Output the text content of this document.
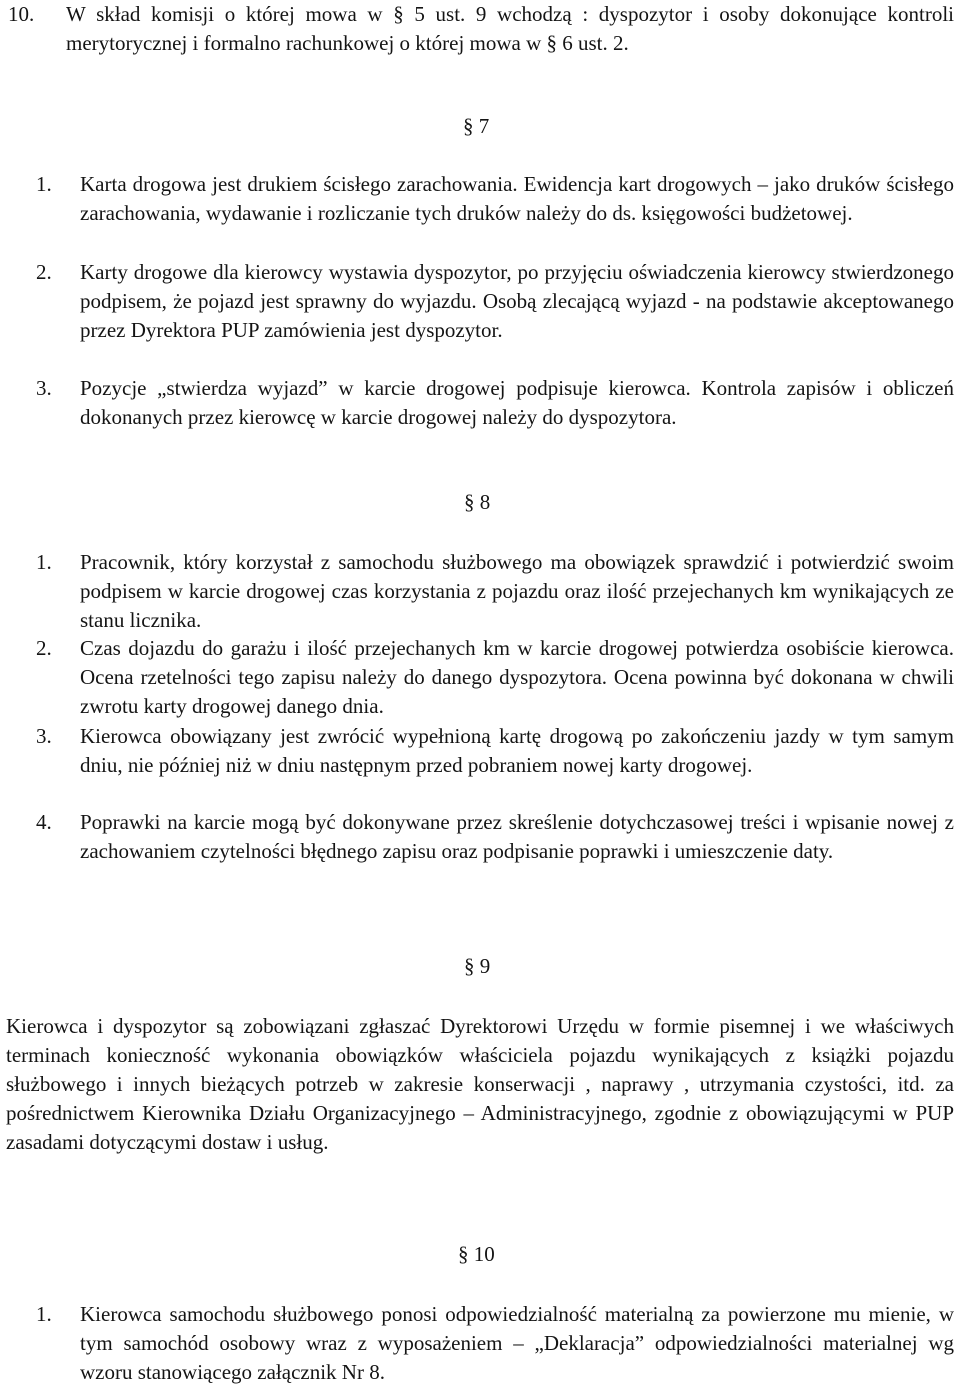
10. W skład komisji o której mowa w § 5 ust. 9 wchodzą : dyspozytor i osoby dokonujące kontroli merytorycznej i formalno rachunkowej o której mowa w § 6 ust. 2.
§ 7
1. Karta drogowa jest drukiem ścisłego zarachowania. Ewidencja kart drogowych – jako druków ścisłego zarachowania, wydawanie i rozliczanie tych druków należy do ds. księgowości budżetowej.
2. Karty drogowe dla kierowcy wystawia dyspozytor, po przyjęciu oświadczenia kierowcy stwierdzonego podpisem, że pojazd jest sprawny do wyjazdu. Osobą zlecającą wyjazd - na podstawie akceptowanego przez Dyrektora PUP zamówienia jest dyspozytor.
3. Pozycje „stwierdza wyjazd” w karcie drogowej podpisuje kierowca. Kontrola zapisów i obliczeń dokonanych przez kierowcę w karcie drogowej należy do dyspozytora.
§ 8
1. Pracownik, który korzystał z samochodu służbowego ma obowiązek sprawdzić i potwierdzić swoim podpisem w karcie drogowej czas korzystania z pojazdu oraz ilość przejechanych km wynikających ze stanu licznika.
2. Czas dojazdu do garażu i ilość przejechanych km w karcie drogowej potwierdza osobiście kierowca. Ocena rzetelności tego zapisu należy do danego dyspozytora. Ocena powinna być dokonana w chwili zwrotu karty drogowej danego dnia.
3. Kierowca obowiązany jest zwrócić wypełnioną kartę drogową po zakończeniu jazdy w tym samym dniu, nie później niż w dniu następnym przed pobraniem nowej karty drogowej.
4. Poprawki na karcie mogą być dokonywane przez skreślenie dotychczasowej treści i wpisanie nowej z zachowaniem czytelności błędnego zapisu oraz podpisanie poprawki i umieszczenie daty.
§ 9
Kierowca i dyspozytor są zobowiązani zgłaszać Dyrektorowi Urzędu w formie pisemnej i we właściwych terminach konieczność wykonania obowiązków właściciela pojazdu wynikających z książki pojazdu służbowego i innych bieżących potrzeb w zakresie konserwacji , naprawy , utrzymania czystości, itd. za pośrednictwem Kierownika Działu Organizacyjnego – Administracyjnego, zgodnie z obowiązującymi w PUP zasadami dotyczącymi dostaw i usług.
§ 10
1. Kierowca samochodu służbowego ponosi odpowiedzialność materialną za powierzone mu mienie, w tym samochód osobowy wraz z wyposażeniem – „Deklaracja” odpowiedzialności materialnej wg wzoru stanowiącego załącznik Nr 8.
